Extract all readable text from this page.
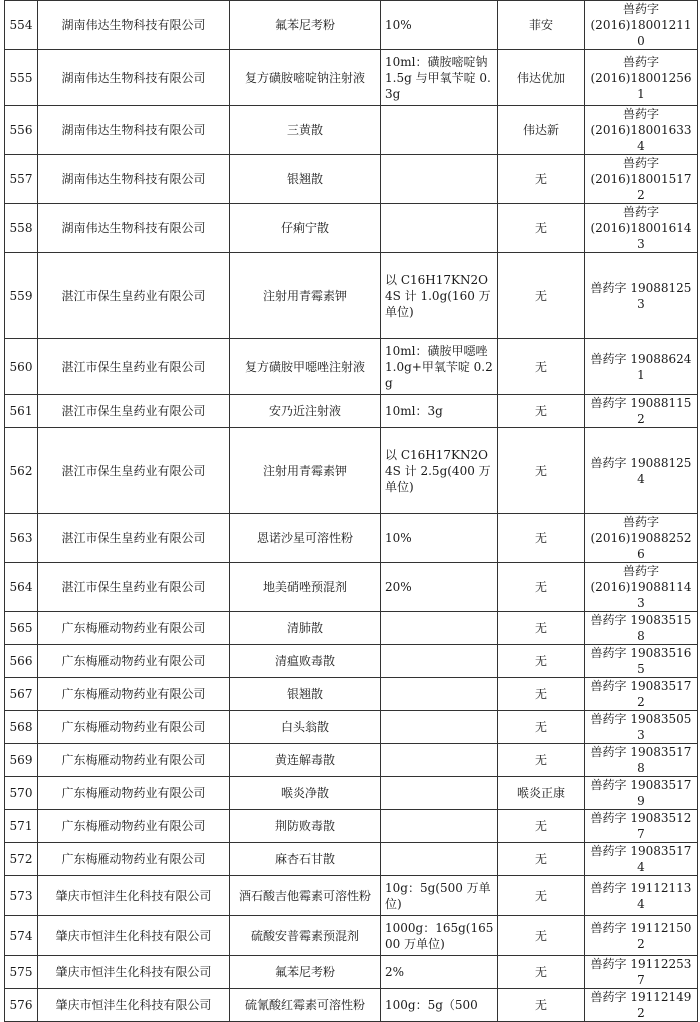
554	湖南伟达生物科技有限公司	氟苯尼考粉	10%	菲安	兽药字
(2016)180012110
555	湖南伟达生物科技有限公司	复方磺胺嘧啶钠注射液	10ml：磺胺嘧啶钠 1.5g 与甲氧苄啶 0.3g	伟达优加	兽药字
(2016)180012561
556	湖南伟达生物科技有限公司	三黄散		伟达新	兽药字
(2016)180016334
557	湖南伟达生物科技有限公司	银翘散		无	兽药字
(2016)180015172
558	湖南伟达生物科技有限公司	仔痢宁散		无	兽药字
(2016)180016143
559	湛江市保生皇药业有限公司	注射用青霉素钾	以 C16H17KN2O4S 计 1.0g(160 万单位)	无	兽药字 190881253
560	湛江市保生皇药业有限公司	复方磺胺甲噁唑注射液	10ml：磺胺甲噁唑 1.0g+甲氧苄啶 0.2g	无	兽药字 190886241
561	湛江市保生皇药业有限公司	安乃近注射液	10ml：3g	无	兽药字 190881152
562	湛江市保生皇药业有限公司	注射用青霉素钾	以 C16H17KN2O4S 计 2.5g(400 万单位)	无	兽药字 190881254
563	湛江市保生皇药业有限公司	恩诺沙星可溶性粉	10%	无	兽药字
(2016)190882526
564	湛江市保生皇药业有限公司	地美硝唑预混剂	20%	无	兽药字
(2016)190881143
565	广东梅雁动物药业有限公司	清肺散		无	兽药字 190835158
566	广东梅雁动物药业有限公司	清瘟败毒散		无	兽药字 190835165
567	广东梅雁动物药业有限公司	银翘散		无	兽药字 190835172
568	广东梅雁动物药业有限公司	白头翁散		无	兽药字 190835053
569	广东梅雁动物药业有限公司	黄连解毒散		无	兽药字 190835178
570	广东梅雁动物药业有限公司	喉炎净散		喉炎正康	兽药字 190835179
571	广东梅雁动物药业有限公司	荆防败毒散		无	兽药字 190835127
572	广东梅雁动物药业有限公司	麻杏石甘散		无	兽药字 190835174
573	肇庆市恒沣生化科技有限公司	酒石酸吉他霉素可溶性粉	10g：5g(500 万单位)	无	兽药字 191121134
574	肇庆市恒沣生化科技有限公司	硫酸安普霉素预混剂	1000g：165g(16500 万单位)	无	兽药字 191121502
575	肇庆市恒沣生化科技有限公司	氟苯尼考粉	2%	无	兽药字 191122537
576	肇庆市恒沣生化科技有限公司	硫氰酸红霉素可溶性粉	100g：5g（500	无	兽药字 191121492
